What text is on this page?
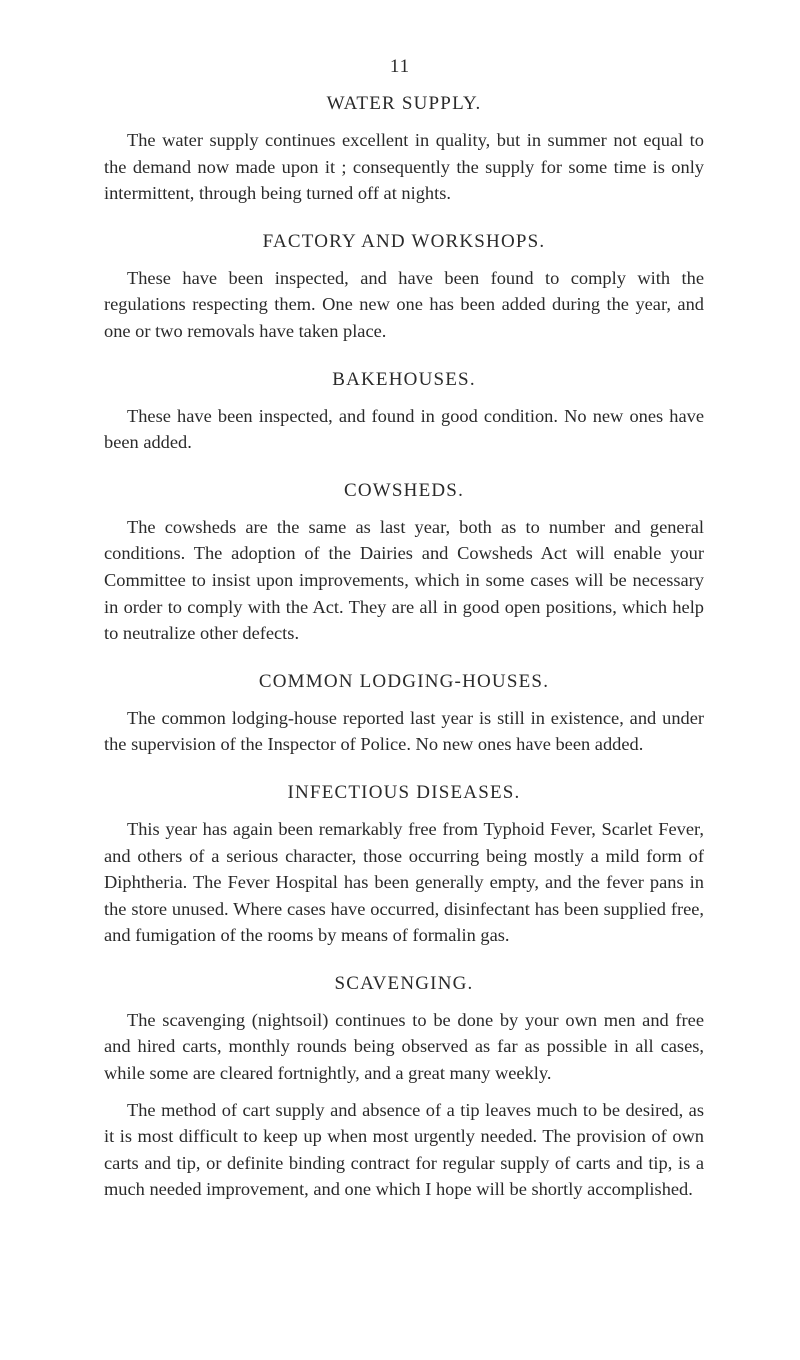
11
WATER SUPPLY.

The water supply continues excellent in quality, but in summer not equal to the demand now made upon it ; consequently the supply for some time is only intermittent, through being turned off at nights.

FACTORY AND WORKSHOPS.

These have been inspected, and have been found to comply with the regulations respecting them. One new one has been added during the year, and one or two removals have taken place.

BAKEHOUSES.

These have been inspected, and found in good condition. No new ones have been added.

COWSHEDS.

The cowsheds are the same as last year, both as to number and general conditions. The adoption of the Dairies and Cowsheds Act will enable your Committee to insist upon improvements, which in some cases will be necessary in order to comply with the Act. They are all in good open positions, which help to neutralize other defects.

COMMON LODGING-HOUSES.

The common lodging-house reported last year is still in existence, and under the supervision of the Inspector of Police. No new ones have been added.

INFECTIOUS DISEASES.

This year has again been remarkably free from Typhoid Fever, Scarlet Fever, and others of a serious character, those occurring being mostly a mild form of Diphtheria. The Fever Hospital has been generally empty, and the fever pans in the store unused. Where cases have occurred, disinfectant has been supplied free, and fumigation of the rooms by means of formalin gas.

SCAVENGING.

The scavenging (nightsoil) continues to be done by your own men and free and hired carts, monthly rounds being observed as far as possible in all cases, while some are cleared fortnightly, and a great many weekly.

The method of cart supply and absence of a tip leaves much to be desired, as it is most difficult to keep up when most urgently needed. The provision of own carts and tip, or definite binding contract for regular supply of carts and tip, is a much needed improvement, and one which I hope will be shortly accomplished.
